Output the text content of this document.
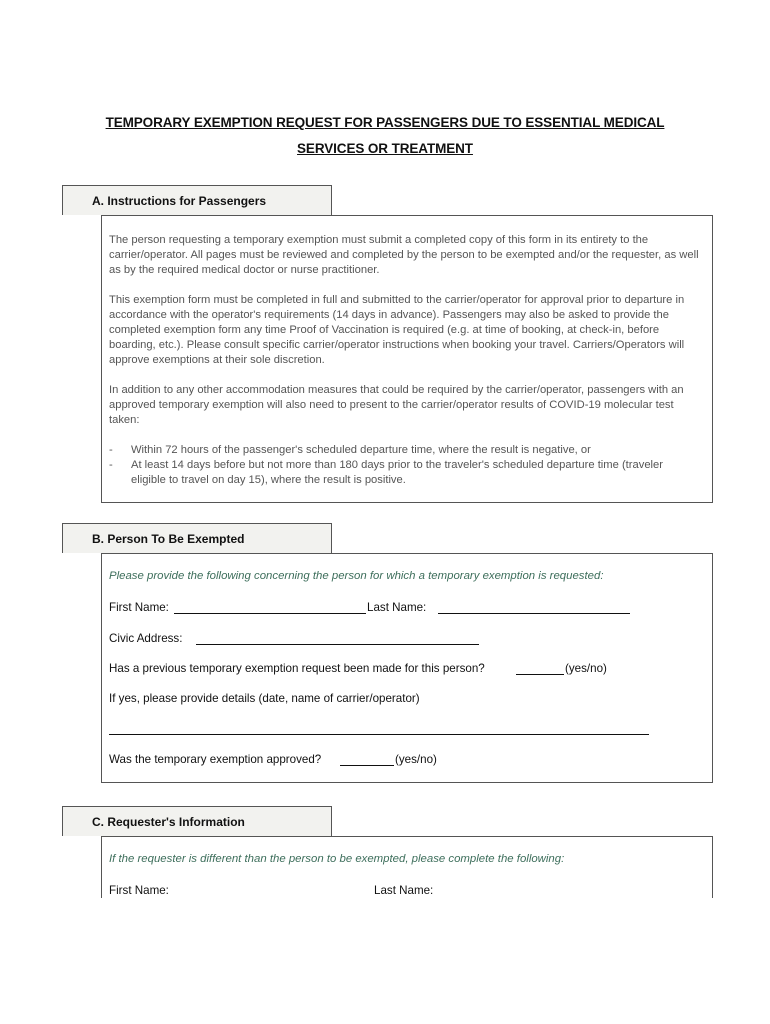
TEMPORARY EXEMPTION REQUEST FOR PASSENGERS DUE TO ESSENTIAL MEDICAL
SERVICES OR TREATMENT
A. Instructions for Passengers
The person requesting a temporary exemption must submit a completed copy of this form in its entirety to the carrier/operator. All pages must be reviewed and completed by the person to be exempted and/or the requester, as well as by the required medical doctor or nurse practitioner.
This exemption form must be completed in full and submitted to the carrier/operator for approval prior to departure in accordance with the operator's requirements (14 days in advance). Passengers may also be asked to provide the completed exemption form any time Proof of Vaccination is required (e.g. at time of booking, at check-in, before boarding, etc.). Please consult specific carrier/operator instructions when booking your travel. Carriers/Operators will approve exemptions at their sole discretion.
In addition to any other accommodation measures that could be required by the carrier/operator, passengers with an approved temporary exemption will also need to present to the carrier/operator results of COVID-19 molecular test taken:
- Within 72 hours of the passenger's scheduled departure time, where the result is negative, or
- At least 14 days before but not more than 180 days prior to the traveler's scheduled departure time (traveler eligible to travel on day 15), where the result is positive.
B. Person To Be Exempted
Please provide the following concerning the person for which a temporary exemption is requested:
First Name:	Last Name:
Civic Address:
Has a previous temporary exemption request been made for this person?	(yes/no)
If yes, please provide details (date, name of carrier/operator)
Was the temporary exemption approved?	(yes/no)
C. Requester's Information
If the requester is different than the person to be exempted, please complete the following:
First Name:	Last Name:
